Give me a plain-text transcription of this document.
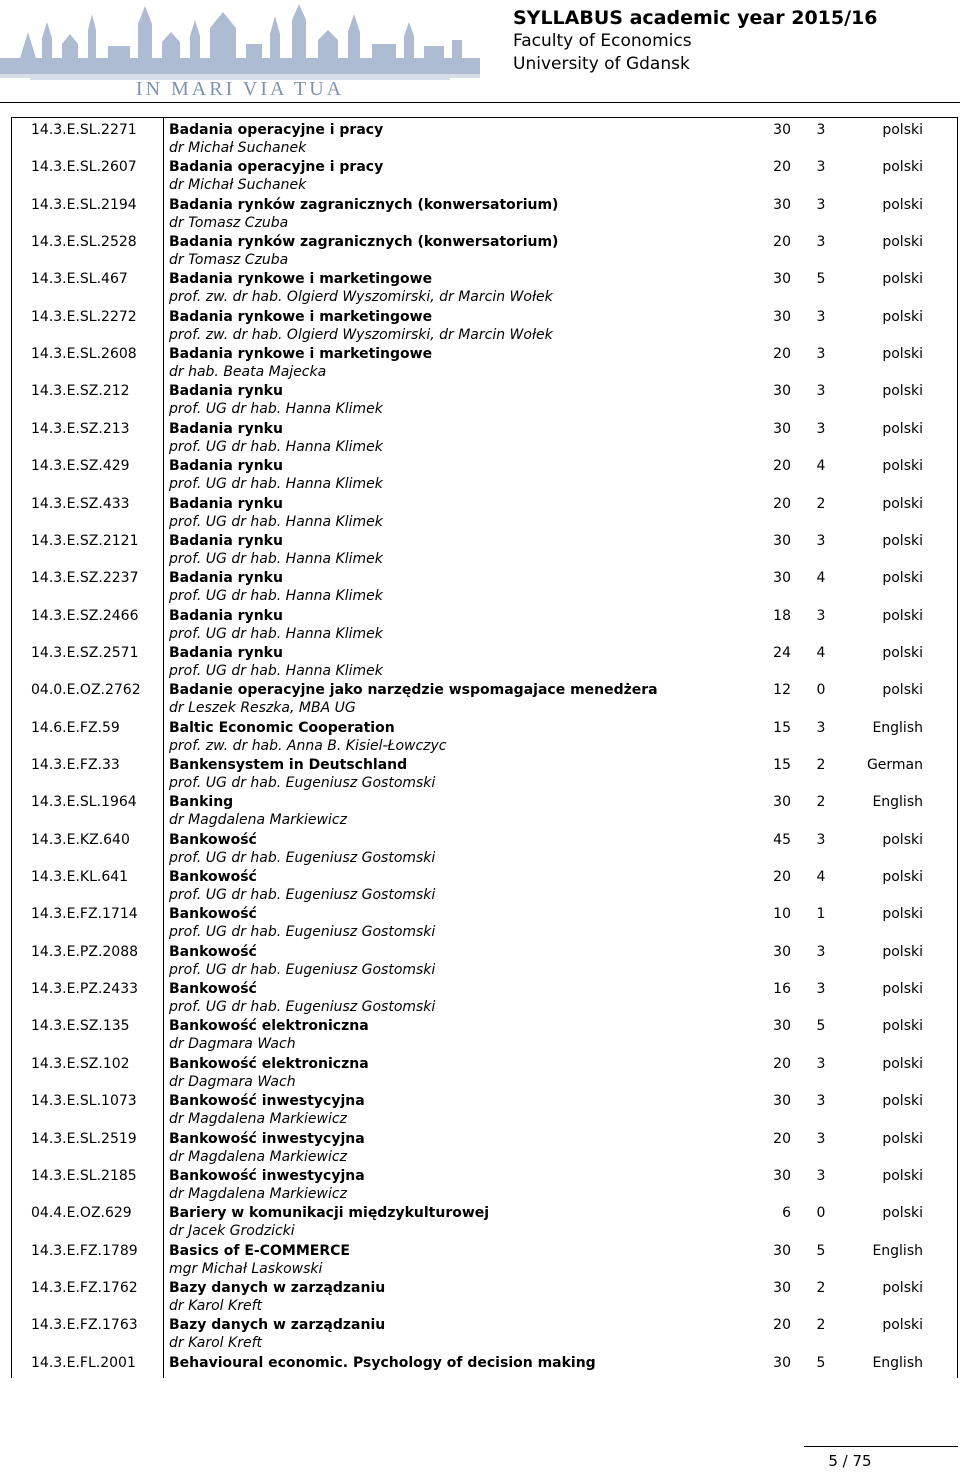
IN MARI VIA TUA
SYLLABUS academic year 2015/16
Faculty of Economics
University of Gdansk
14.3.E.SL.2271 Badania operacyjne i pracy
dr Michał Suchanek
30	3	polski
14.3.E.SL.2607 Badania operacyjne i pracy
dr Michał Suchanek
20	3	polski
14.3.E.SL.2194 Badania rynków zagranicznych (konwersatorium)
dr Tomasz Czuba
30	3	polski
14.3.E.SL.2528 Badania rynków zagranicznych (konwersatorium)
dr Tomasz Czuba
20	3	polski
14.3.E.SL.467	Badania rynkowe i marketingowe
prof. zw. dr hab. Olgierd Wyszomirski, dr Marcin Wołek
30	5	polski
14.3.E.SL.2272 Badania rynkowe i marketingowe
prof. zw. dr hab. Olgierd Wyszomirski, dr Marcin Wołek
30	3	polski
14.3.E.SL.2608 Badania rynkowe i marketingowe
dr hab. Beata Majecka
20	3	polski
14.3.E.SZ.212	Badania rynku
prof. UG dr hab. Hanna Klimek
30	3	polski
14.3.E.SZ.213	Badania rynku
prof. UG dr hab. Hanna Klimek
30	3	polski
14.3.E.SZ.429	Badania rynku
prof. UG dr hab. Hanna Klimek
20	4	polski
14.3.E.SZ.433	Badania rynku
prof. UG dr hab. Hanna Klimek
20	2	polski
14.3.E.SZ.2121 Badania rynku
prof. UG dr hab. Hanna Klimek
30	3	polski
14.3.E.SZ.2237 Badania rynku
prof. UG dr hab. Hanna Klimek
30	4	polski
14.3.E.SZ.2466 Badania rynku
prof. UG dr hab. Hanna Klimek
18	3	polski
14.3.E.SZ.2571 Badania rynku
prof. UG dr hab. Hanna Klimek
24	4	polski
04.0.E.OZ.2762 Badanie operacyjne jako narzędzie wspomagajace menedżera
dr Leszek Reszka, MBA UG
12	0	polski
14.6.E.FZ.59	Baltic Economic Cooperation
prof. zw. dr hab. Anna B. Kisiel-Łowczyc
15	3	English
14.3.E.FZ.33	Bankensystem in Deutschland
prof. UG dr hab. Eugeniusz Gostomski
15	2	German
14.3.E.SL.1964 Banking
dr Magdalena Markiewicz
30	2	English
14.3.E.KZ.640	Bankowość
prof. UG dr hab. Eugeniusz Gostomski
45	3	polski
14.3.E.KL.641	Bankowość
prof. UG dr hab. Eugeniusz Gostomski
20	4	polski
14.3.E.FZ.1714 Bankowość
prof. UG dr hab. Eugeniusz Gostomski
10	1	polski
14.3.E.PZ.2088 Bankowość
prof. UG dr hab. Eugeniusz Gostomski
30	3	polski
14.3.E.PZ.2433 Bankowość
prof. UG dr hab. Eugeniusz Gostomski
16	3	polski
14.3.E.SZ.135	Bankowość elektroniczna
dr Dagmara Wach
30	5	polski
14.3.E.SZ.102	Bankowość elektroniczna
dr Dagmara Wach
20	3	polski
14.3.E.SL.1073 Bankowość inwestycyjna
dr Magdalena Markiewicz
30	3	polski
14.3.E.SL.2519 Bankowość inwestycyjna
dr Magdalena Markiewicz
20	3	polski
14.3.E.SL.2185 Bankowość inwestycyjna
dr Magdalena Markiewicz
30	3	polski
04.4.E.OZ.629	Bariery w komunikacji międzykulturowej
dr Jacek Grodzicki
6	0	polski
14.3.E.FZ.1789 Basics of E-COMMERCE
mgr Michał Laskowski
30	5	English
14.3.E.FZ.1762 Bazy danych w zarządzaniu
dr Karol Kreft
30	2	polski
14.3.E.FZ.1763 Bazy danych w zarządzaniu
dr Karol Kreft
20	2	polski
14.3.E.FL.2001 Behavioural economic. Psychology of decision making	30	5	English
5 / 75
